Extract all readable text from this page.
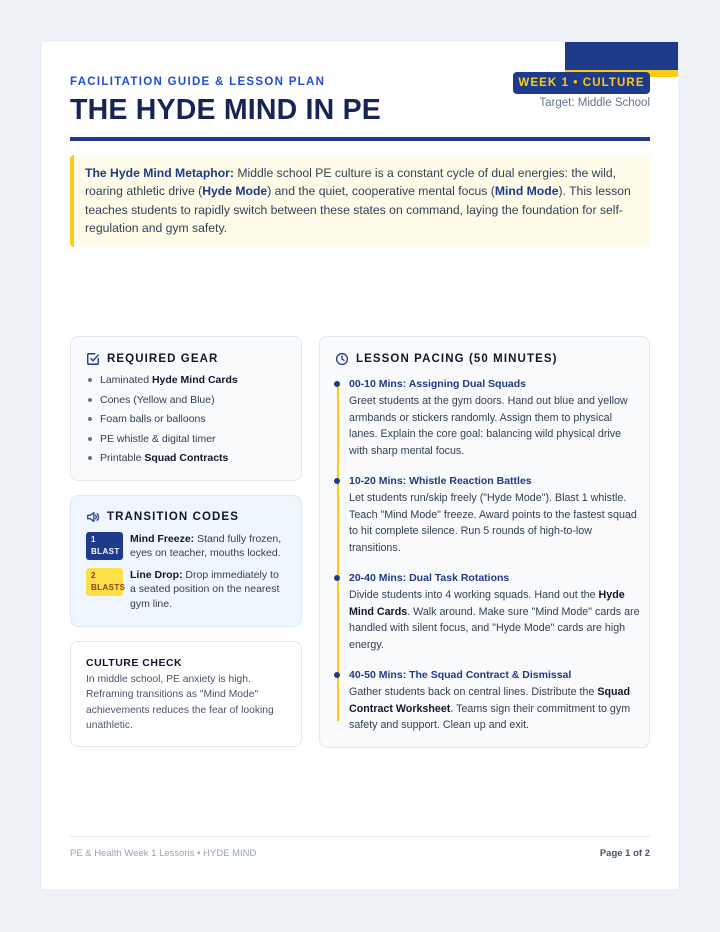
FACILITATION GUIDE & LESSON PLAN
THE HYDE MIND IN PE
WEEK 1 • CULTURE
Target: Middle School
The Hyde Mind Metaphor: Middle school PE culture is a constant cycle of dual energies: the wild, roaring athletic drive (Hyde Mode) and the quiet, cooperative mental focus (Mind Mode). This lesson teaches students to rapidly switch between these states on command, laying the foundation for self-regulation and gym safety.
REQUIRED GEAR
Laminated Hyde Mind Cards
Cones (Yellow and Blue)
Foam balls or balloons
PE whistle & digital timer
Printable Squad Contracts
TRANSITION CODES
1
BLAST
Mind Freeze: Stand fully frozen, eyes on teacher, mouths locked.
2
BLASTS
Line Drop: Drop immediately to a seated position on the nearest gym line.
CULTURE CHECK
In middle school, PE anxiety is high. Reframing transitions as "Mind Mode" achievements reduces the fear of looking unathletic.
LESSON PACING (50 MINUTES)
00-10 Mins: Assigning Dual Squads
Greet students at the gym doors. Hand out blue and yellow armbands or stickers randomly. Assign them to physical lanes. Explain the core goal: balancing wild physical drive with sharp mental focus.
10-20 Mins: Whistle Reaction Battles
Let students run/skip freely ("Hyde Mode"). Blast 1 whistle. Teach "Mind Mode" freeze. Award points to the fastest squad to hit complete silence. Run 5 rounds of high-to-low transitions.
20-40 Mins: Dual Task Rotations
Divide students into 4 working squads. Hand out the Hyde Mind Cards. Walk around. Make sure "Mind Mode" cards are handled with silent focus, and "Hyde Mode" cards are high energy.
40-50 Mins: The Squad Contract & Dismissal
Gather students back on central lines. Distribute the Squad Contract Worksheet. Teams sign their commitment to gym safety and support. Clean up and exit.
PE & Health Week 1 Lessons • HYDE MIND	Page 1 of 2
